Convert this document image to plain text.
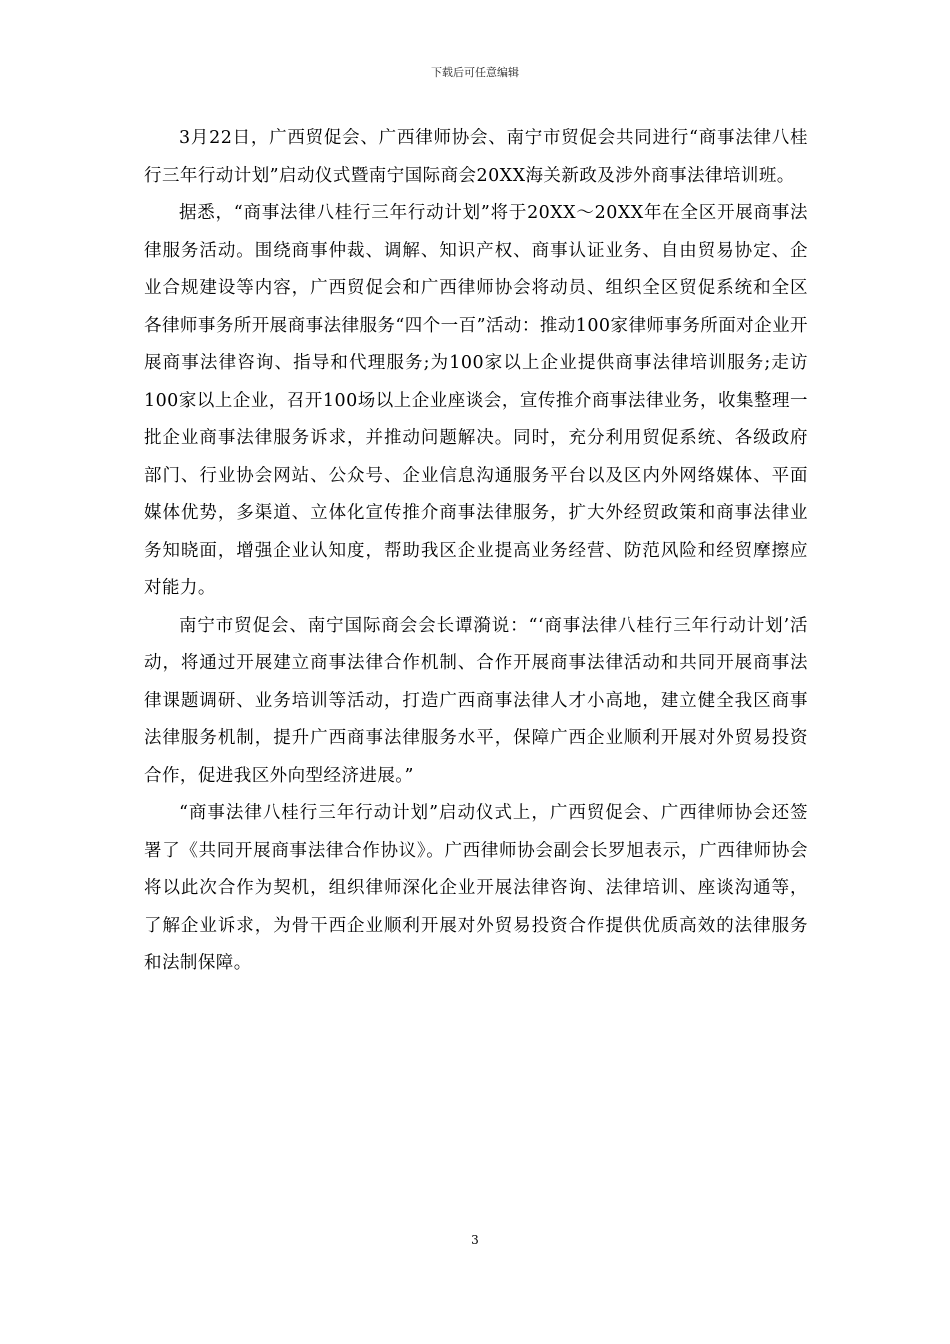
下载后可任意编辑

3月22日，广西贸促会、广西律师协会、南宁市贸促会共同进行“商事法律八桂行三年行动计划”启动仪式暨南宁国际商会20XX海关新政及涉外商事法律培训班。

据悉，“商事法律八桂行三年行动计划”将于20XX～20XX年在全区开展商事法律服务活动。围绕商事仲裁、调解、知识产权、商事认证业务、自由贸易协定、企业合规建设等内容，广西贸促会和广西律师协会将动员、组织全区贸促系统和全区各律师事务所开展商事法律服务“四个一百”活动：推动100家律师事务所面对企业开展商事法律咨询、指导和代理服务;为100家以上企业提供商事法律培训服务;走访100家以上企业，召开100场以上企业座谈会，宣传推介商事法律业务，收集整理一批企业商事法律服务诉求，并推动问题解决。同时，充分利用贸促系统、各级政府部门、行业协会网站、公众号、企业信息沟通服务平台以及区内外网络媒体、平面媒体优势，多渠道、立体化宣传推介商事法律服务，扩大外经贸政策和商事法律业务知晓面，增强企业认知度，帮助我区企业提高业务经营、防范风险和经贸摩擦应对能力。

南宁市贸促会、南宁国际商会会长谭漪说：“‘商事法律八桂行三年行动计划’活动，将通过开展建立商事法律合作机制、合作开展商事法律活动和共同开展商事法律课题调研、业务培训等活动，打造广西商事法律人才小高地，建立健全我区商事法律服务机制，提升广西商事法律服务水平，保障广西企业顺利开展对外贸易投资合作，促进我区外向型经济进展。”

“商事法律八桂行三年行动计划”启动仪式上，广西贸促会、广西律师协会还签署了《共同开展商事法律合作协议》。广西律师协会副会长罗旭表示，广西律师协会将以此次合作为契机，组织律师深化企业开展法律咨询、法律培训、座谈沟通等，了解企业诉求，为骨干西企业顺利开展对外贸易投资合作提供优质高效的法律服务和法制保障。

3
